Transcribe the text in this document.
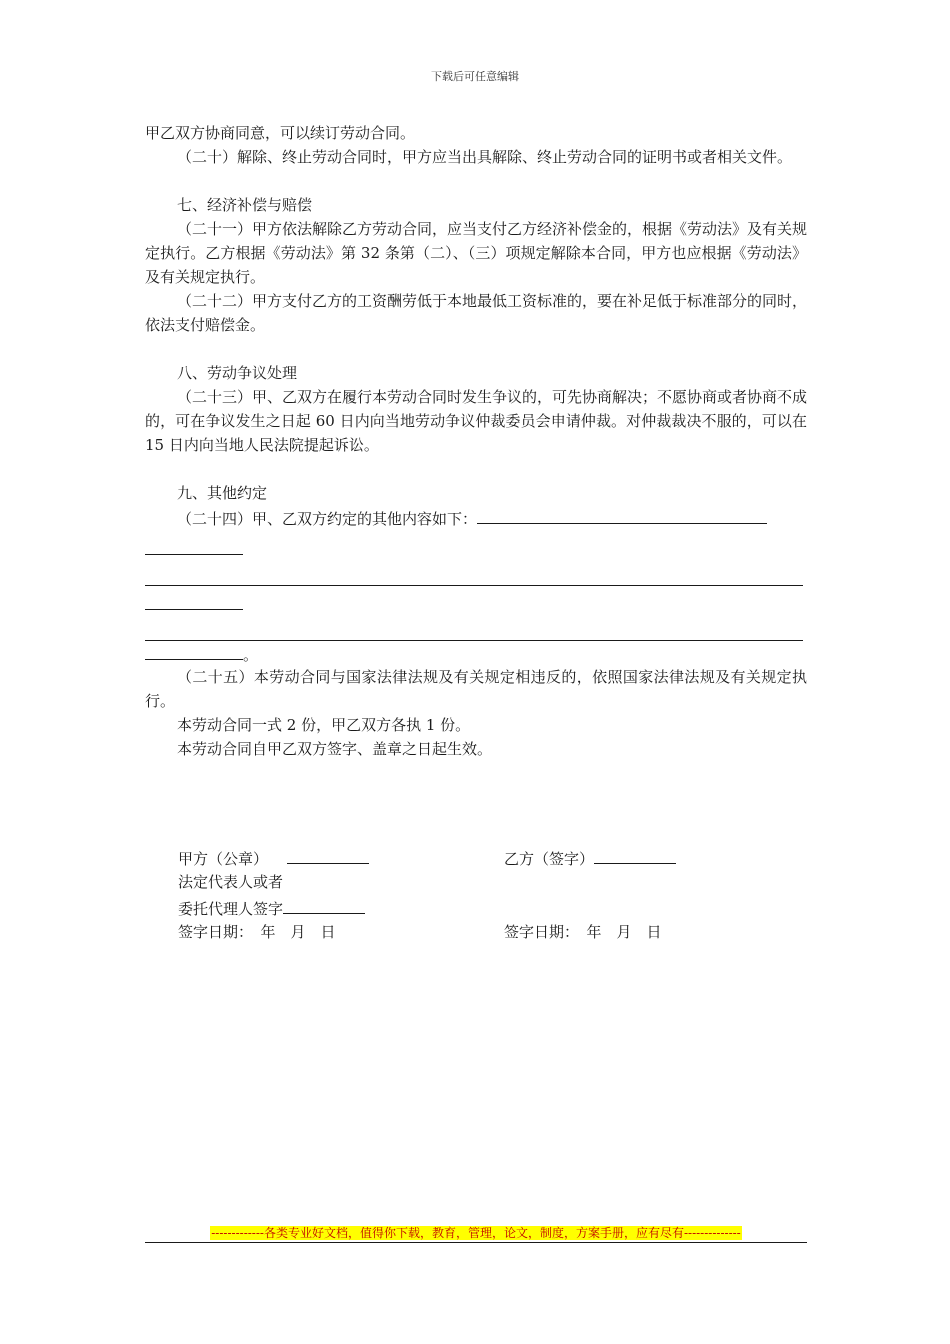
下载后可任意编辑

甲乙双方协商同意，可以续订劳动合同。

（二十）解除、终止劳动合同时，甲方应当出具解除、终止劳动合同的证明书或者相关文件。

七、经济补偿与赔偿

（二十一）甲方依法解除乙方劳动合同，应当支付乙方经济补偿金的，根据《劳动法》及有关规定执行。乙方根据《劳动法》第 32 条第（二）、（三）项规定解除本合同，甲方也应根据《劳动法》及有关规定执行。

（二十二）甲方支付乙方的工资酬劳低于本地最低工资标准的，要在补足低于标准部分的同时，依法支付赔偿金。

八、劳动争议处理

（二十三）甲、乙双方在履行本劳动合同时发生争议的，可先协商解决；不愿协商或者协商不成的，可在争议发生之日起 60 日内向当地劳动争议仲裁委员会申请仲裁。对仲裁裁决不服的，可以在 15 日内向当地人民法院提起诉讼。

九、其他约定

（二十四）甲、乙双方约定的其他内容如下：

。

（二十五）本劳动合同与国家法律法规及有关规定相违反的，依照国家法律法规及有关规定执行。

本劳动合同一式 2 份，甲乙双方各执 1 份。

本劳动合同自甲乙双方签字、盖章之日起生效。

甲方（公章）	乙方（签字）
法定代表人或者
委托代理人签字
签字日期：　年　月　日	签字日期：　年　月　日
-------------各类专业好文档，值得你下载，教育，管理，论文，制度，方案手册，应有尽有--------------
